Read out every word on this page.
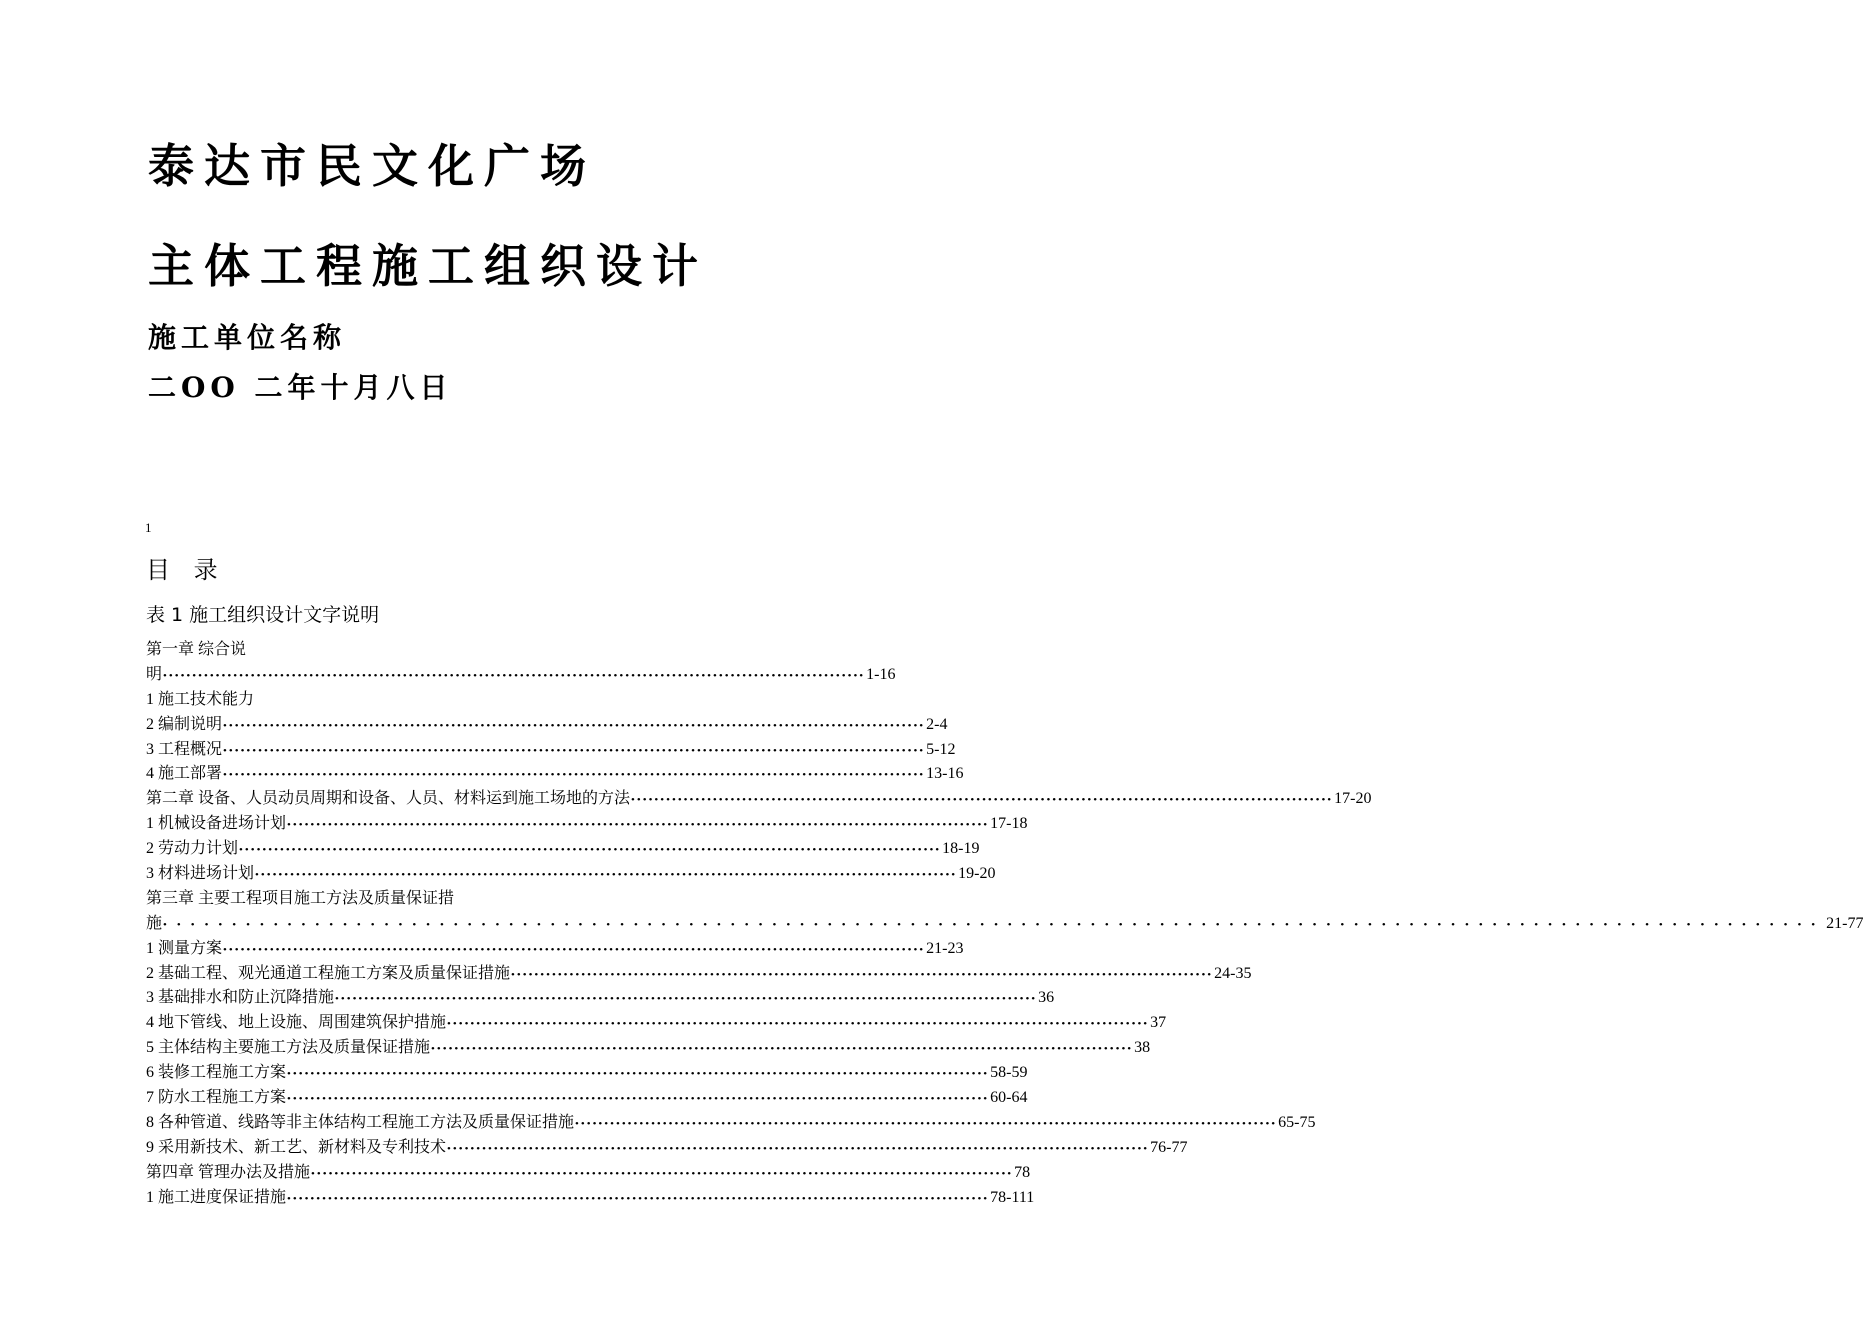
泰达市民文化广场
主体工程施工组织设计
施工单位名称
二OO 二年十月八日
1
目 录
表 1 施工组织设计文字说明
第一章 综合说
明 •••••••••••••••••••••••••••••••••••••••••••••••••••••••••••••••••••••••••••••••••••••••••••••••••••••••••••••••••••••••• 1-16
1 施工技术能力
2 编制说明 •••••••••••••••••••••••••••••••••••••••••••••••••••••••••••••••••••••••••••••••••••••••••••••••••••••••••••••••••••••••• 2-4
3 工程概况 •••••••••••••••••••••••••••••••••••••••••••••••••••••••••••••••••••••••••••••••••••••••••••••••••••••••••••••••••••••••• 5-12
4 施工部署 •••••••••••••••••••••••••••••••••••••••••••••••••••••••••••••••••••••••••••••••••••••••••••••••••••••••••••••••••••••••• 13-16
第二章 设备、人员动员周期和设备、人员、材料运到施工场地的方法 •••••••••••••••••••••••••••••••••••••••••••••••••••••••••••••••••••••••••••••••••••••••••••••••••••••••••••••••••••••••• 17-20
1 机械设备进场计划 •••••••••••••••••••••••••••••••••••••••••••••••••••••••••••••••••••••••••••••••••••••••••••••••••••••••••••••••••••••••• 17-18
2 劳动力计划 •••••••••••••••••••••••••••••••••••••••••••••••••••••••••••••••••••••••••••••••••••••••••••••••••••••••••••••••••••••••• 18-19
3 材料进场计划 •••••••••••••••••••••••••••••••••••••••••••••••••••••••••••••••••••••••••••••••••••••••••••••••••••••••••••••••••••••••• 19-20
第三章 主要工程项目施工方法及质量保证措
施 •••••••••••••••••••••••••••••••••••••••••••••••••••••••••••••••••••••••••••••••••••••••••••••••••••••••••••••••••••••••• 21-77
1 测量方案 •••••••••••••••••••••••••••••••••••••••••••••••••••••••••••••••••••••••••••••••••••••••••••••••••••••••••••••••••••••••• 21-23
2 基础工程、观光通道工程施工方案及质量保证措施 •••••••••••••••••••••••••••••••••••••••••••••••••••••••••••••••••••••••••••••••••••••••••••••••••••••••••••••••••••••••• 24-35
3 基础排水和防止沉降措施 •••••••••••••••••••••••••••••••••••••••••••••••••••••••••••••••••••••••••••••••••••••••••••••••••••••••••••••••••••••••• 36
4 地下管线、地上设施、周围建筑保护措施 •••••••••••••••••••••••••••••••••••••••••••••••••••••••••••••••••••••••••••••••••••••••••••••••••••••••••••••••••••••••• 37
5 主体结构主要施工方法及质量保证措施 •••••••••••••••••••••••••••••••••••••••••••••••••••••••••••••••••••••••••••••••••••••••••••••••••••••••••••••••••••••••• 38
6 装修工程施工方案 •••••••••••••••••••••••••••••••••••••••••••••••••••••••••••••••••••••••••••••••••••••••••••••••••••••••••••••••••••••••• 58-59
7 防水工程施工方案 •••••••••••••••••••••••••••••••••••••••••••••••••••••••••••••••••••••••••••••••••••••••••••••••••••••••••••••••••••••••• 60-64
8 各种管道、线路等非主体结构工程施工方法及质量保证措施 •••••••••••••••••••••••••••••••••••••••••••••••••••••••••••••••••••••••••••••••••••••••••••••••••••••••••••••••••••••••• 65-75
9 采用新技术、新工艺、新材料及专利技术 •••••••••••••••••••••••••••••••••••••••••••••••••••••••••••••••••••••••••••••••••••••••••••••••••••••••••••••••••••••••• 76-77
第四章 管理办法及措施 •••••••••••••••••••••••••••••••••••••••••••••••••••••••••••••••••••••••••••••••••••••••••••••••••••••••••••••••••••••••• 78
1 施工进度保证措施 •••••••••••••••••••••••••••••••••••••••••••••••••••••••••••••••••••••••••••••••••••••••••••••••••••••••••••••••••••••••• 78-111
